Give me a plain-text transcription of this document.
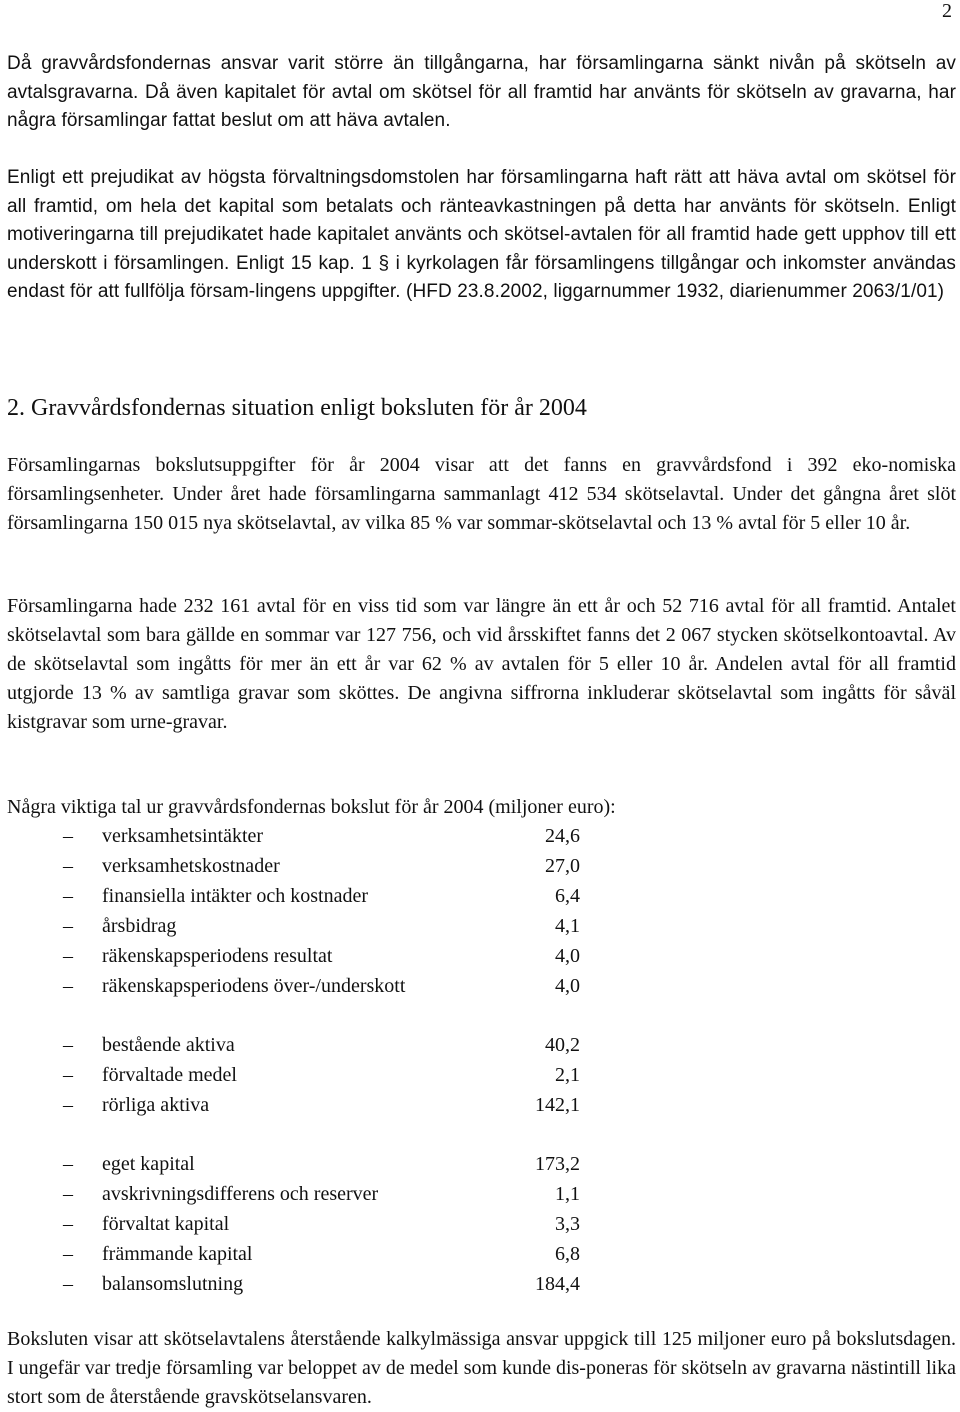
2

Då gravvårdsfondernas ansvar varit större än tillgångarna, har församlingarna sänkt nivån på skötseln av avtalsgravarna. Då även kapitalet för avtal om skötsel för all framtid har använts för skötseln av gravarna, har några församlingar fattat beslut om att häva avtalen.

Enligt ett prejudikat av högsta förvaltningsdomstolen har församlingarna haft rätt att häva avtal om skötsel för all framtid, om hela det kapital som betalats och ränteavkastningen på detta har använts för skötseln. Enligt motiveringarna till prejudikatet hade kapitalet använts och skötsel-avtalen för all framtid hade gett upphov till ett underskott i församlingen. Enligt 15 kap. 1 § i kyrkolagen får församlingens tillgångar och inkomster användas endast för att fullfölja försam-lingens uppgifter. (HFD 23.8.2002, liggarnummer 1932, diarienummer 2063/1/01)

2. Gravvårdsfondernas situation enligt boksluten för år 2004

Församlingarnas bokslutsuppgifter för år 2004 visar att det fanns en gravvårdsfond i 392 eko-nomiska församlingsenheter. Under året hade församlingarna sammanlagt 412 534 skötselavtal. Under det gångna året slöt församlingarna 150 015 nya skötselavtal, av vilka 85 % var sommar-skötselavtal och 13 % avtal för 5 eller 10 år.

Församlingarna hade 232 161 avtal för en viss tid som var längre än ett år och 52 716 avtal för all framtid. Antalet skötselavtal som bara gällde en sommar var 127 756, och vid årsskiftet fanns det 2 067 stycken skötselkontoavtal. Av de skötselavtal som ingåtts för mer än ett år var 62 % av avtalen för 5 eller 10 år. Andelen avtal för all framtid utgjorde 13 % av samtliga gravar som sköttes. De angivna siffrorna inkluderar skötselavtal som ingåtts för såväl kistgravar som urne-gravar.

Några viktiga tal ur gravvårdsfondernas bokslut för år 2004 (miljoner euro):

– verksamhetsintäkter	24,6
– verksamhetskostnader	27,0
– finansiella intäkter och kostnader	6,4
– årsbidrag	4,1
– räkenskapsperiodens resultat	4,0
– räkenskapsperiodens över-/underskott	4,0
– bestående aktiva	40,2
– förvaltade medel	2,1
– rörliga aktiva	142,1
– eget kapital	173,2
– avskrivningsdifferens och reserver	1,1
– förvaltat kapital	3,3
– främmande kapital	6,8
– balansomslutning	184,4

Boksluten visar att skötselavtalens återstående kalkylmässiga ansvar uppgick till 125 miljoner euro på bokslutsdagen. I ungefär var tredje församling var beloppet av de medel som kunde dis-poneras för skötseln av gravarna nästintill lika stort som de återstående gravskötselansvaren.
